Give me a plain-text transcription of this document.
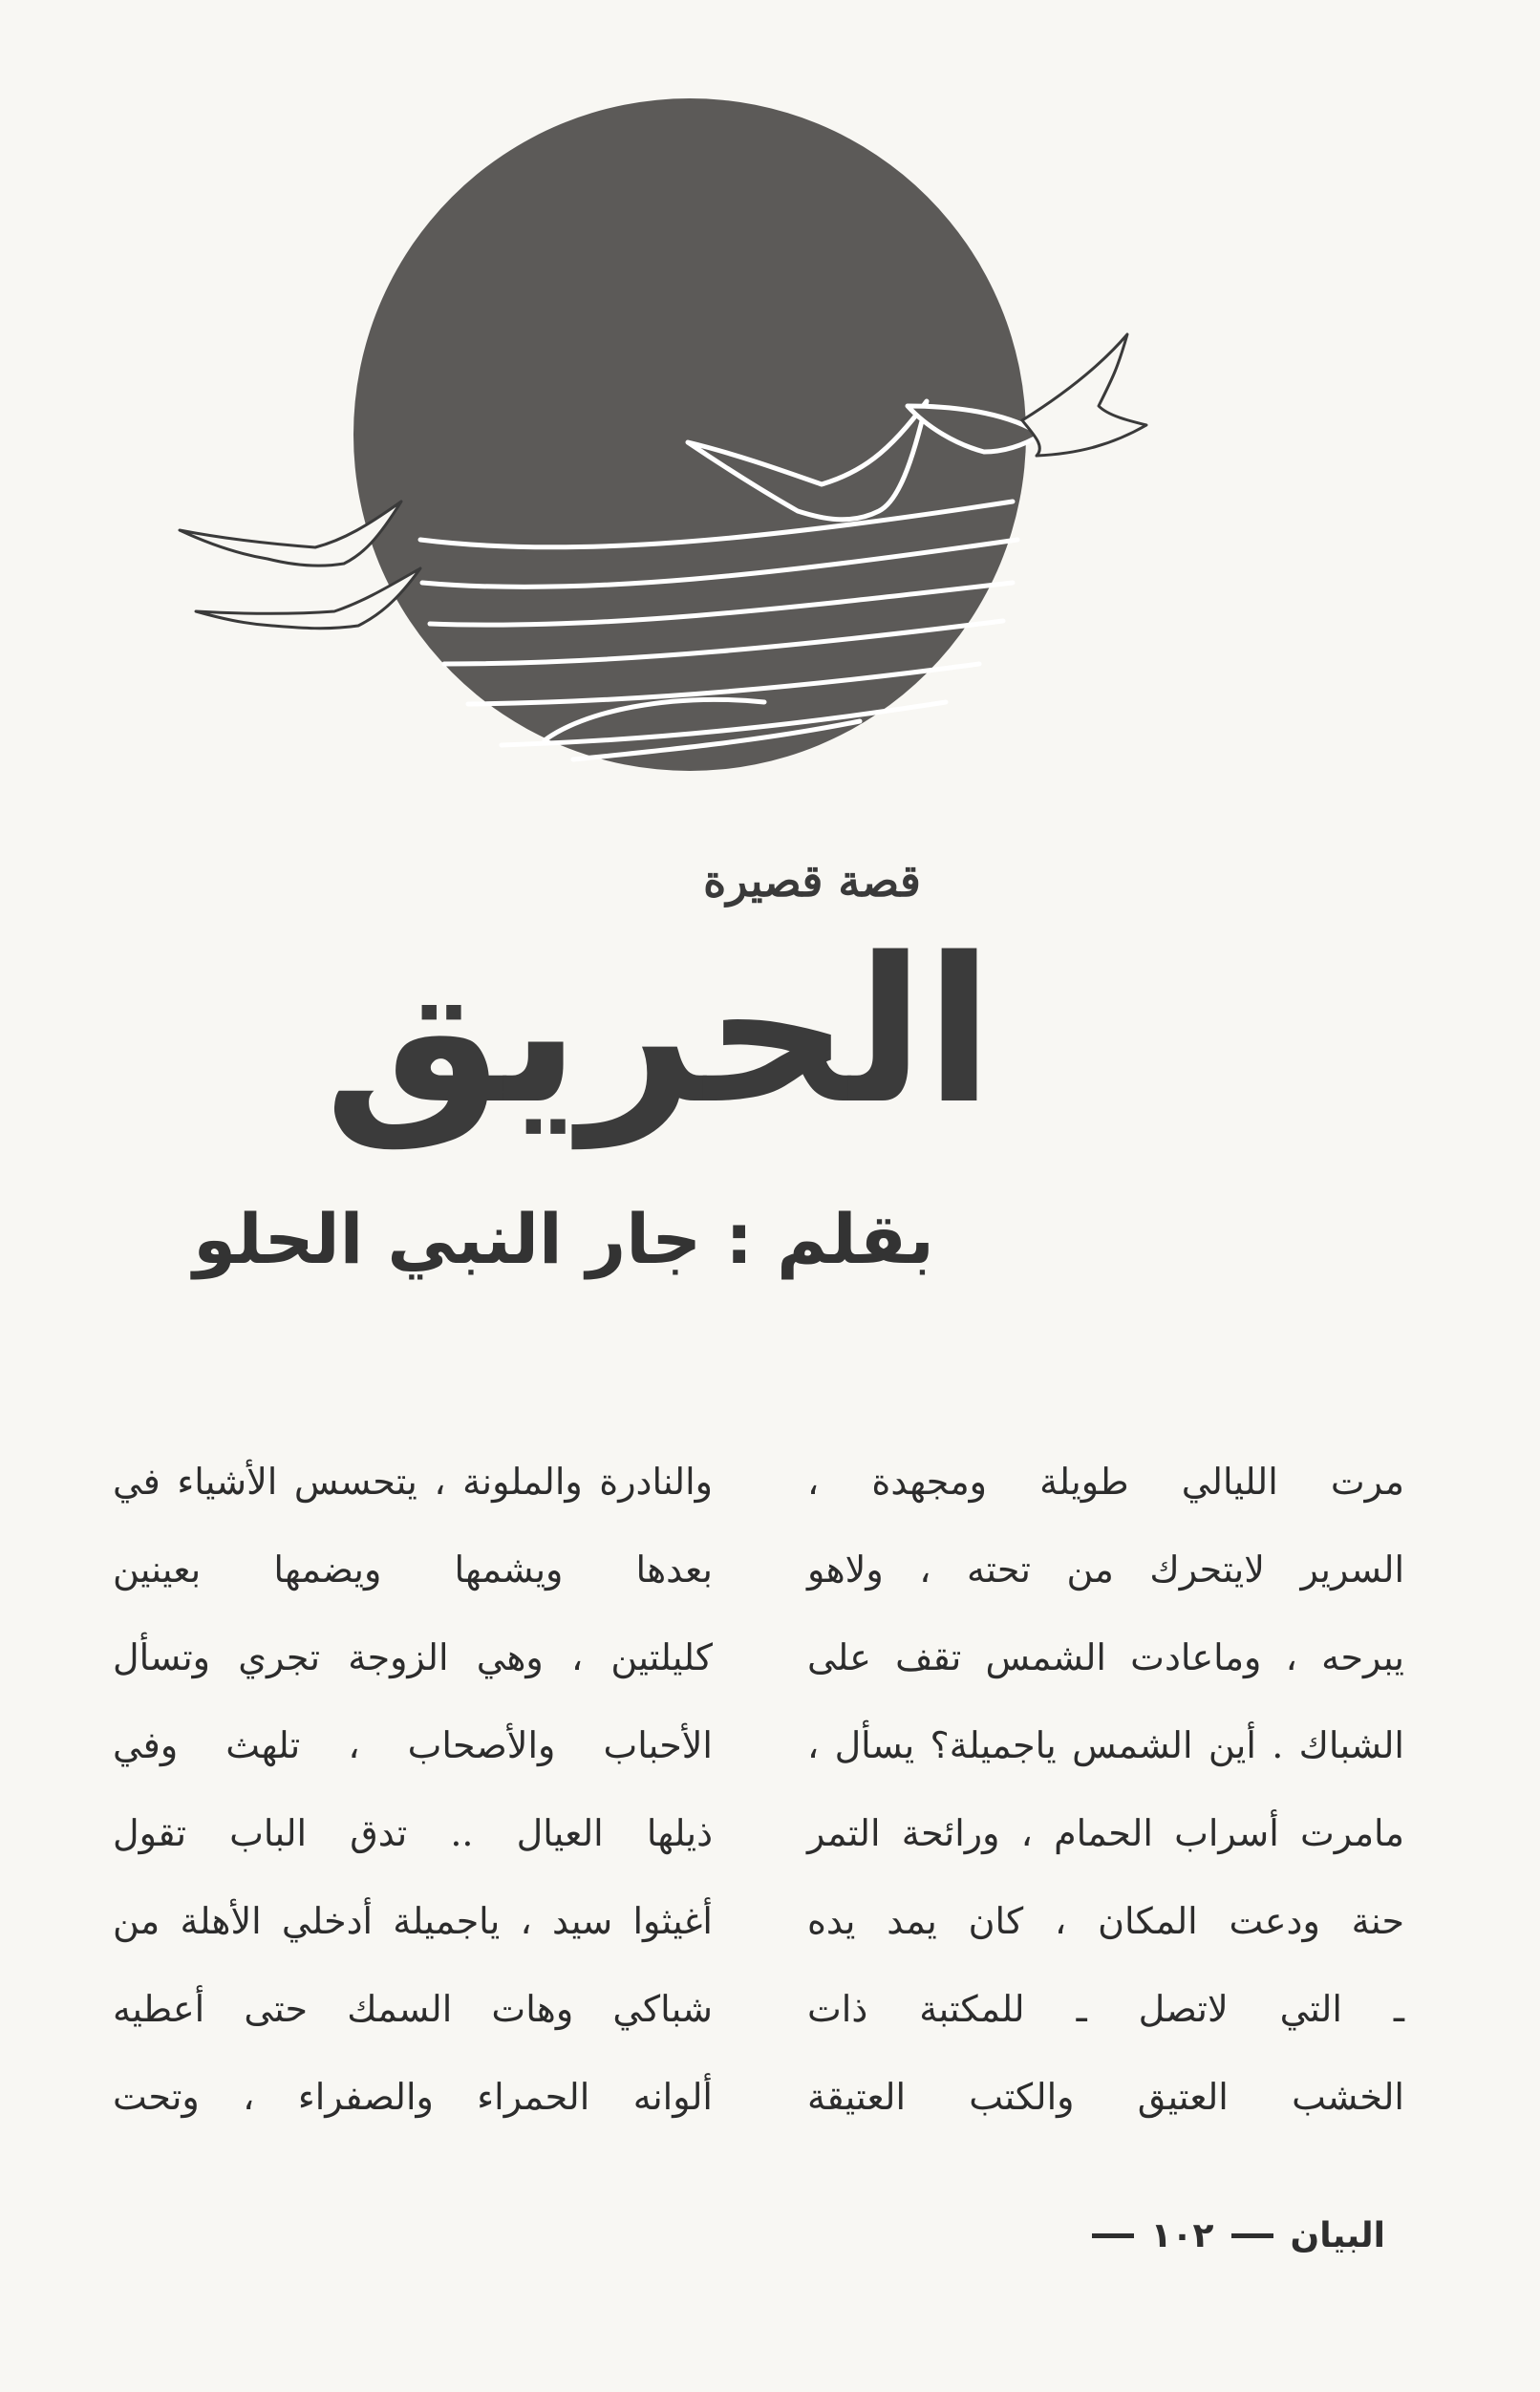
قصة قصيرة
الحريق
بقلم : جار النبي الحلو

مرت الليالي طويلة ومجهدة ،

السرير لايتحرك من تحته ، ولاهو

يبرحه ، وماعادت الشمس تقف على

الشباك . أين الشمس ياجميلة؟ يسأل ،

مامرت أسراب الحمام ، ورائحة التمر

حنة ودعت المكان ، كان يمد يده

ـ التي لاتصل ـ للمكتبة ذات

الخشب العتيق والكتب العتيقة

والنادرة والملونة ، يتحسس الأشياء في

بعدها ويشمها ويضمها بعينين

كليلتين ، وهي الزوجة تجري وتسأل

الأحباب والأصحاب ، تلهث وفي

ذيلها العيال .. تدق الباب تقول

أغيثوا سيد ، ياجميلة أدخلي الأهلة من

شباكي وهات السمك حتى أعطيه

ألوانه الحمراء والصفراء ، وتحت

البيان
١٠٢
